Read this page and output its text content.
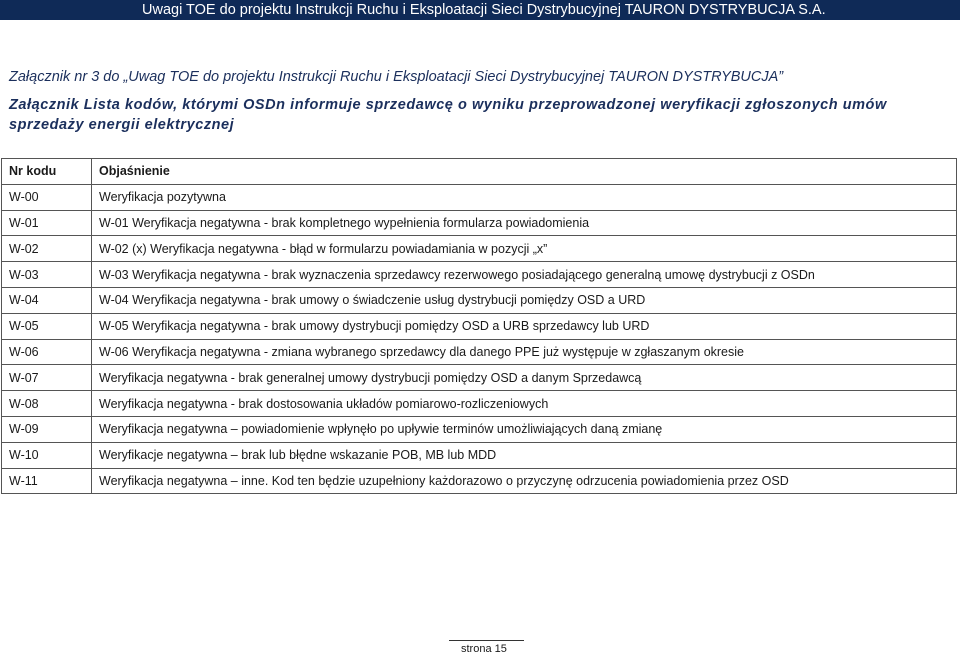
Uwagi TOE do projektu Instrukcji Ruchu i Eksploatacji Sieci Dystrybucyjnej TAURON DYSTRYBUCJA S.A.
Załącznik nr 3 do „Uwag TOE do projektu Instrukcji Ruchu i Eksploatacji Sieci Dystrybucyjnej TAURON DYSTRYBUCJA”
Załącznik Lista kodów, którymi OSDn informuje sprzedawcę o wyniku przeprowadzonej weryfikacji zgłoszonych umów sprzedaży energii elektrycznej
Nr kodu	Objaśnienie
W-00	Weryfikacja pozytywna
W-01	W-01 Weryfikacja negatywna - brak kompletnego wypełnienia formularza powiadomienia
W-02	W-02 (x) Weryfikacja negatywna - błąd w formularzu powiadamiania w pozycji „x”
W-03	W-03 Weryfikacja negatywna - brak wyznaczenia sprzedawcy rezerwowego posiadającego generalną umowę dystrybucji z OSDn
W-04	W-04 Weryfikacja negatywna - brak umowy o świadczenie usług dystrybucji pomiędzy OSD a URD
W-05	W-05 Weryfikacja negatywna - brak umowy dystrybucji pomiędzy OSD a URB sprzedawcy lub URD
W-06	W-06 Weryfikacja negatywna - zmiana wybranego sprzedawcy dla danego PPE już występuje w zgłaszanym okresie
W-07	Weryfikacja negatywna - brak generalnej umowy dystrybucji pomiędzy OSD a danym Sprzedawcą
W-08	Weryfikacja negatywna - brak dostosowania układów pomiarowo-rozliczeniowych
W-09	Weryfikacja negatywna – powiadomienie wpłynęło po upływie terminów umożliwiających daną zmianę
W-10	Weryfikacje negatywna – brak lub błędne wskazanie POB, MB lub MDD
W-11	Weryfikacja negatywna – inne. Kod ten będzie uzupełniony każdorazowo o przyczynę odrzucenia powiadomienia przez OSD
strona 15
